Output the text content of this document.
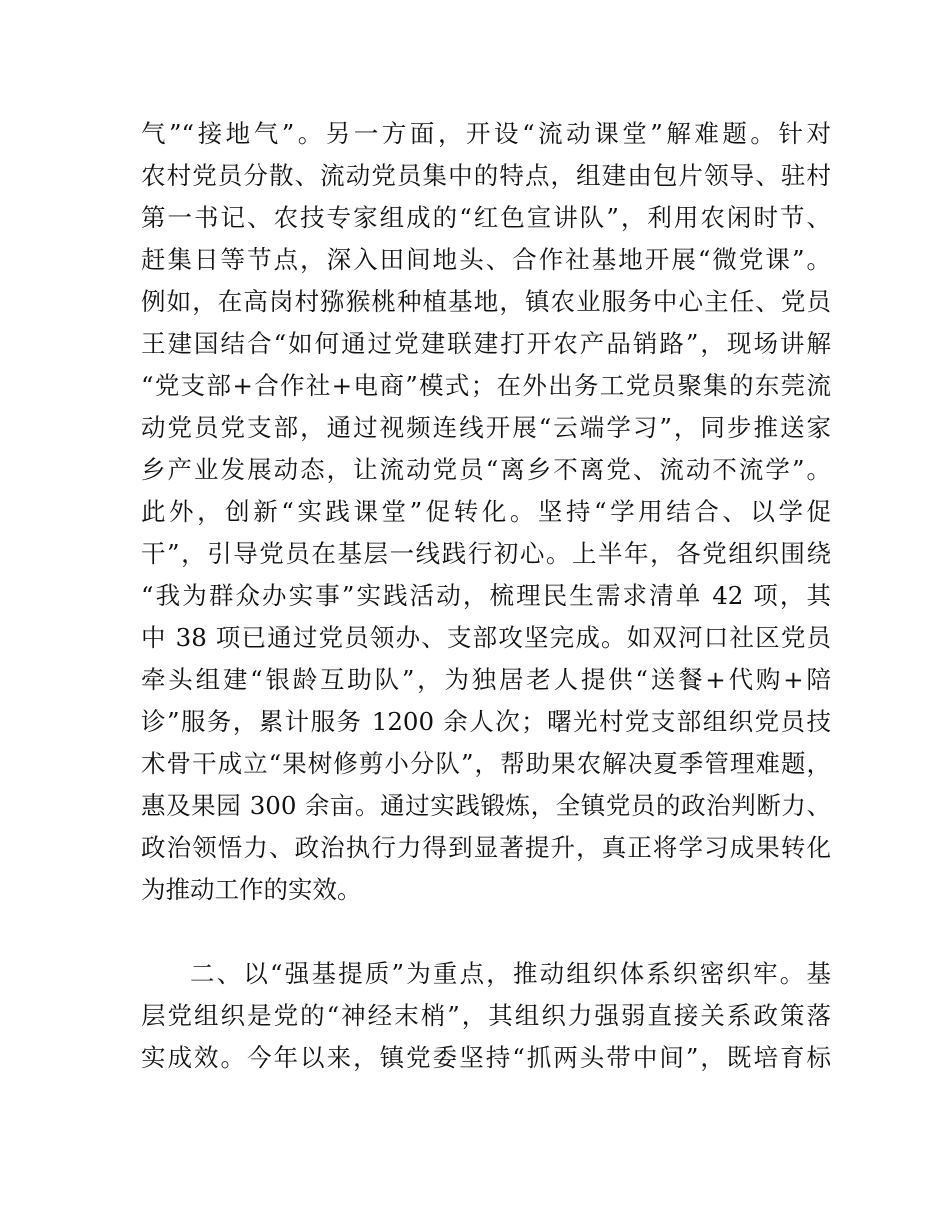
气”“接地气”。另一方面，开设“流动课堂”解难题。针对
农村党员分散、流动党员集中的特点，组建由包片领导、驻村
第一书记、农技专家组成的“红色宣讲队”，利用农闲时节、
赶集日等节点，深入田间地头、合作社基地开展“微党课”。
例如，在高岗村猕猴桃种植基地，镇农业服务中心主任、党员
王建国结合“如何通过党建联建打开农产品销路”，现场讲解
“党支部+合作社+电商”模式；在外出务工党员聚集的东莞流
动党员党支部，通过视频连线开展“云端学习”，同步推送家
乡产业发展动态，让流动党员“离乡不离党、流动不流学”。
此外，创新“实践课堂”促转化。坚持“学用结合、以学促
干”，引导党员在基层一线践行初心。上半年，各党组织围绕
“我为群众办实事”实践活动，梳理民生需求清单 42 项，其
中 38 项已通过党员领办、支部攻坚完成。如双河口社区党员
牵头组建“银龄互助队”，为独居老人提供“送餐+代购+陪
诊”服务，累计服务 1200 余人次；曙光村党支部组织党员技
术骨干成立“果树修剪小分队”，帮助果农解决夏季管理难题，
惠及果园 300 余亩。通过实践锻炼，全镇党员的政治判断力、
政治领悟力、政治执行力得到显著提升，真正将学习成果转化
为推动工作的实效。
二、以“强基提质”为重点，推动组织体系织密织牢。基
层党组织是党的“神经末梢”，其组织力强弱直接关系政策落
实成效。今年以来，镇党委坚持“抓两头带中间”，既培育标
